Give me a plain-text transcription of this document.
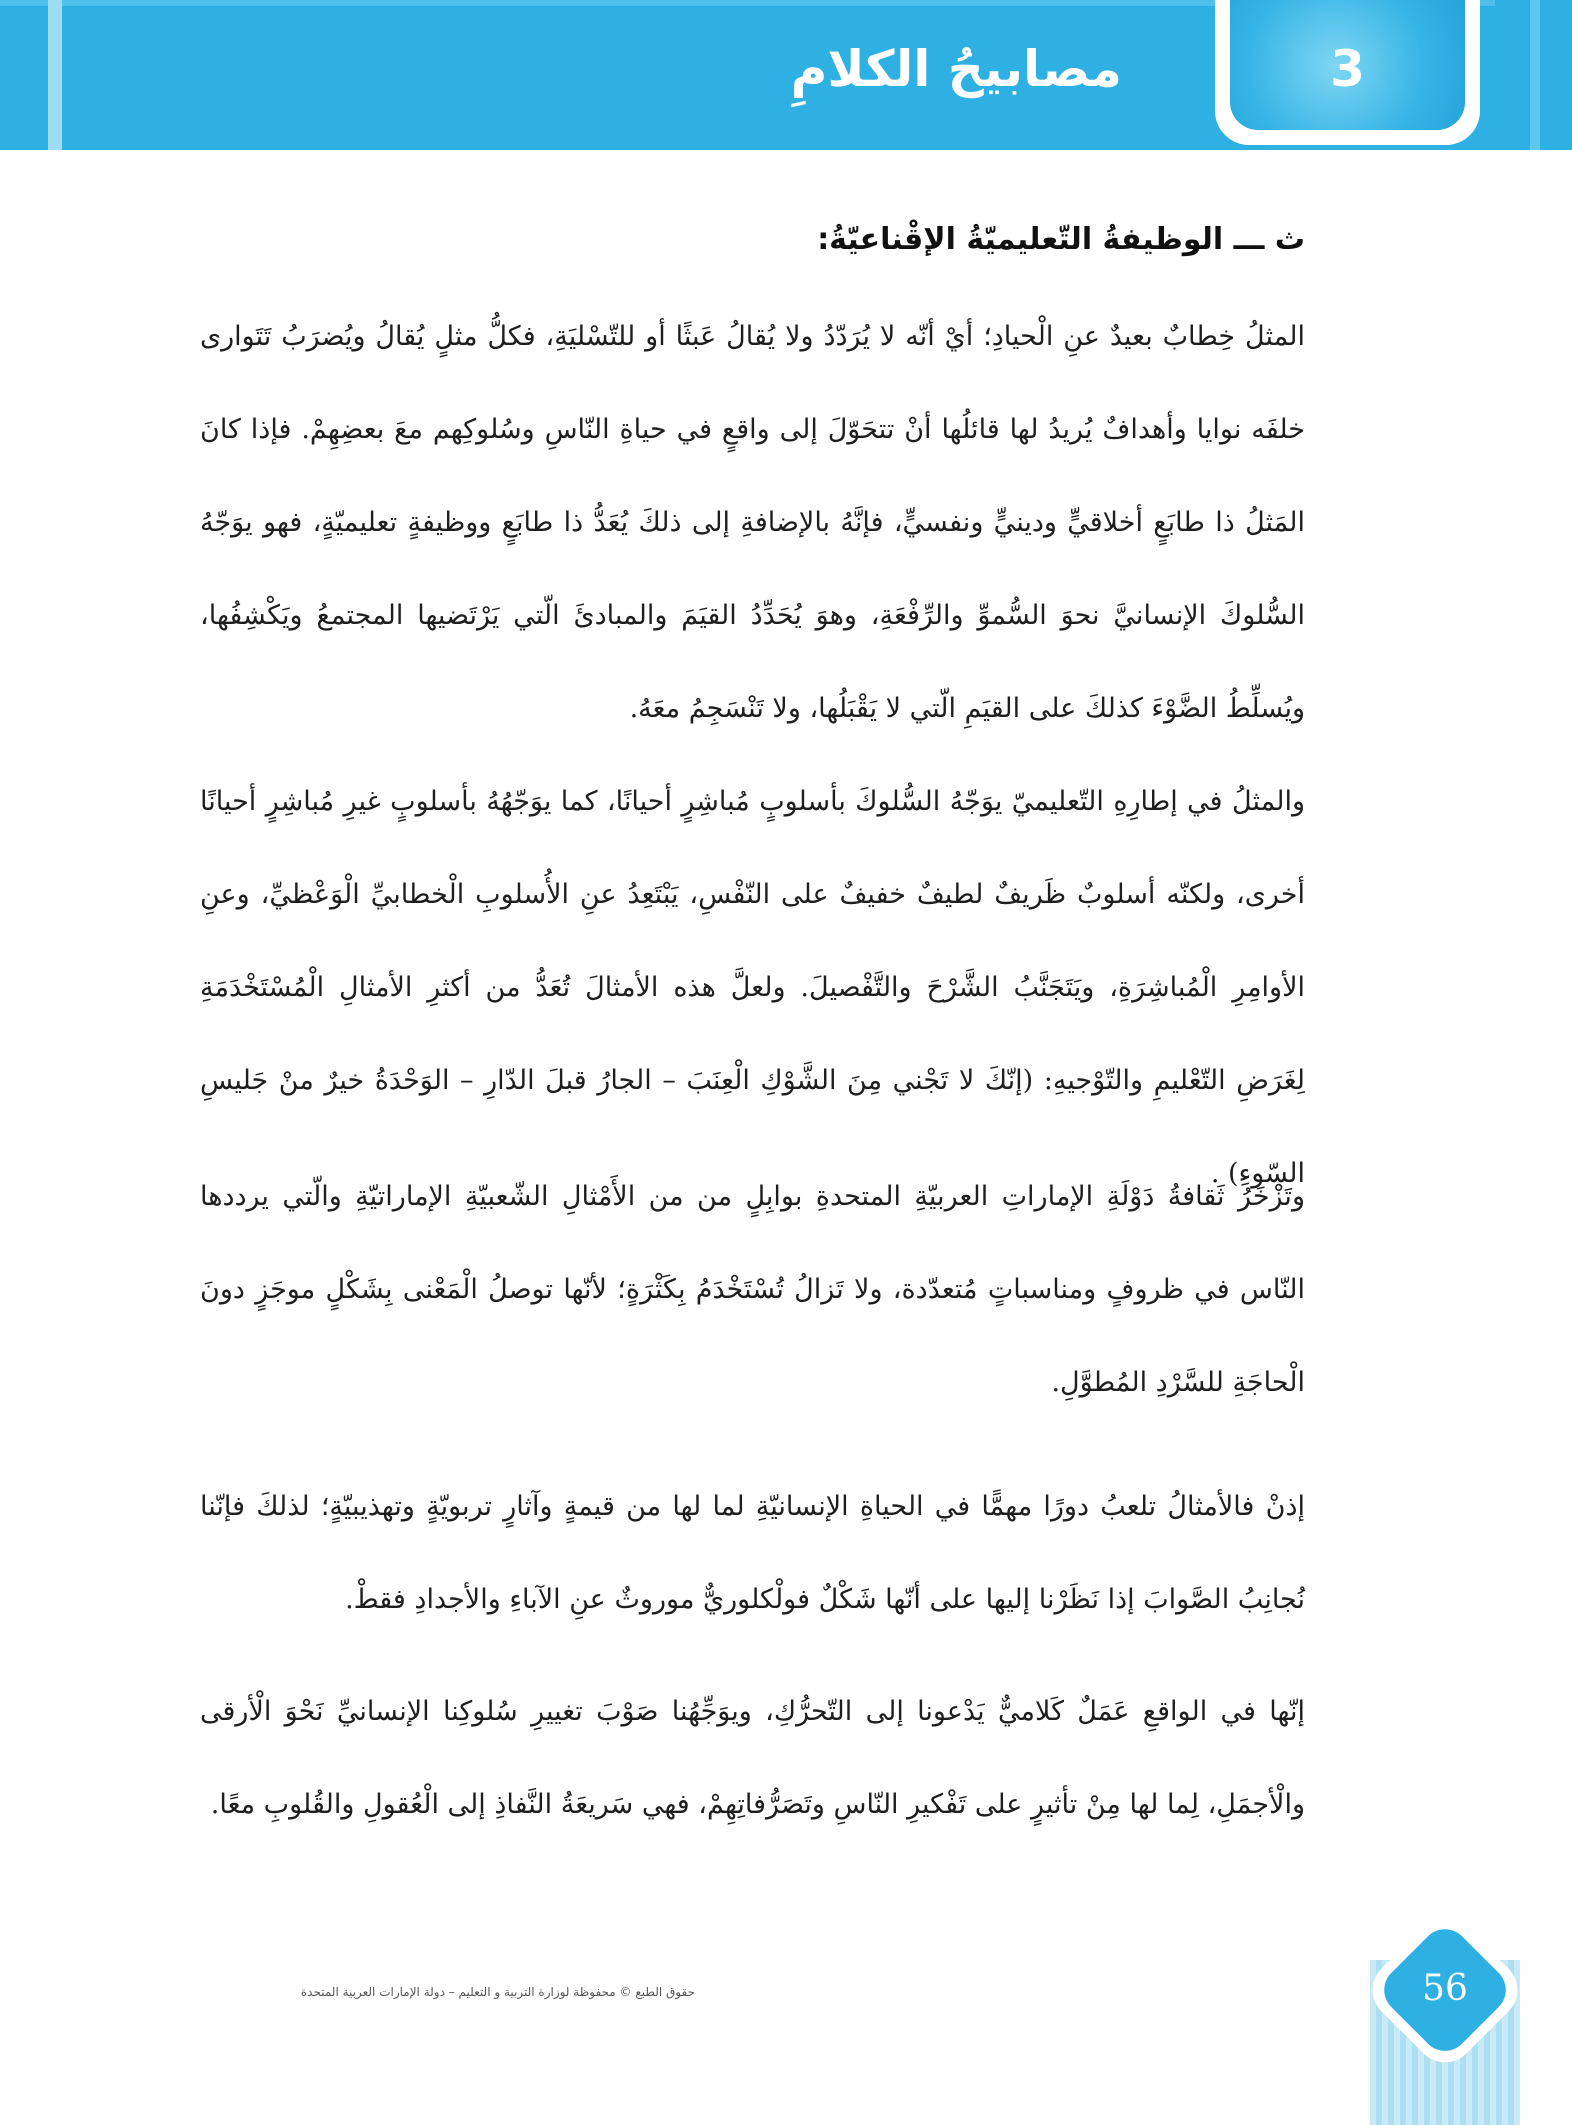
مصابيحُ الكلامِ	3
ث ـــ الوظيفةُ التّعليميّةُ الإقْناعيّةُ:

المثلُ خِطابٌ بعيدٌ عنِ الْحيادِ؛ أيْ أنّه لا يُرَدّدُ ولا يُقالُ عَبثًا أو للتّسْليَةِ، فكلُّ مثلٍ يُقالُ ويُضرَبُ تَتَوارى خلفَه نوايا وأهدافٌ يُريدُ لها قائلُها أنْ تتحَوّلَ إلى واقعٍ في حياةِ النّاسِ وسُلوكِهم معَ بعضِهِمْ. فإذا كانَ المَثلُ ذا طابَعٍ أخلاقيٍّ ودينيٍّ ونفسيٍّ، فإنَّهُ بالإضافةِ إلى ذلكَ يُعَدُّ ذا طابَعٍ ووظيفةٍ تعليميّةٍ، فهو يوَجّهُ السُّلوكَ الإنسانيَّ نحوَ السُّموِّ والرِّفْعَةِ، وهوَ يُحَدِّدُ القيَمَ والمبادئَ الّتي يَرْتَضيها المجتمعُ ويَكْشِفُها، ويُسلِّطُ الضَّوْءَ كذلكَ على القيَمِ الّتي لا يَقْبَلُها، ولا تَنْسَجِمُ معَهُ.

والمثلُ في إطارِهِ التّعليميّ يوَجّهُ السُّلوكَ بأسلوبٍ مُباشِرٍ أحيانًا، كما يوَجّهُهُ بأسلوبٍ غيرِ مُباشِرٍ أحيانًا أخرى، ولكنّه أسلوبٌ ظَريفٌ لطيفٌ خفيفٌ على النّفْسِ، يَبْتَعِدُ عنِ الأُسلوبِ الْخطابيِّ الْوَعْظيِّ، وعنِ الأوامِرِ الْمُباشِرَةِ، ويَتَجَنَّبُ الشَّرْحَ والتَّفْصيلَ. ولعلَّ هذه الأمثالَ تُعَدُّ من أكثرِ الأمثالِ الْمُسْتَخْدَمَةِ لِغَرَضِ التّعْليمِ والتّوْجيهِ: (إنّكَ لا تَجْني مِنَ الشَّوْكِ الْعِنَبَ – الجارُ قبلَ الدّارِ – الوَحْدَةُ خيرٌ منْ جَليسِ السّوءِ) .

وتَزْخَرُ ثَقافةُ دَوْلَةِ الإماراتِ العربيّةِ المتحدةِ بوابِلٍ من من الأَمْثالِ الشّعبيّةِ الإماراتيّةِ والّتي يرددها النّاس في ظروفٍ ومناسباتٍ مُتعدّدة، ولا تَزالُ تُسْتَخْدَمُ بِكَثْرَةٍ؛ لأنّها توصلُ الْمَعْنى بِشَكْلٍ موجَزٍ دونَ الْحاجَةِ للسَّرْدِ المُطوَّلِ.

إذنْ فالأمثالُ تلعبُ دورًا مهمًّا في الحياةِ الإنسانيّةِ لما لها من قيمةٍ وآثارٍ تربويّةٍ وتهذيبيّةٍ؛ لذلكَ فإنّنا نُجانِبُ الصَّوابَ إذا نَظَرْنا إليها على أنّها شَكْلٌ فولْكلوريٌّ موروثٌ عنِ الآباءِ والأجدادِ فقطْ.

إنّها في الواقعِ عَمَلٌ كَلاميٌّ يَدْعونا إلى التّحرُّكِ، ويوَجِّهُنا صَوْبَ تغييرِ سُلوكِنا الإنسانيِّ نَحْوَ الْأرقى والْأجمَلِ، لِما لها مِنْ تأثيرٍ على تَفْكيرِ النّاسِ وتَصَرُّفاتِهِمْ، فهي سَريعَةُ النَّفاذِ إلى الْعُقولِ والقُلوبِ معًا.

حقوق الطبع © محفوظة لوزارة التربية و التعليم – دولة الإمارات العربية المتحدة	56
